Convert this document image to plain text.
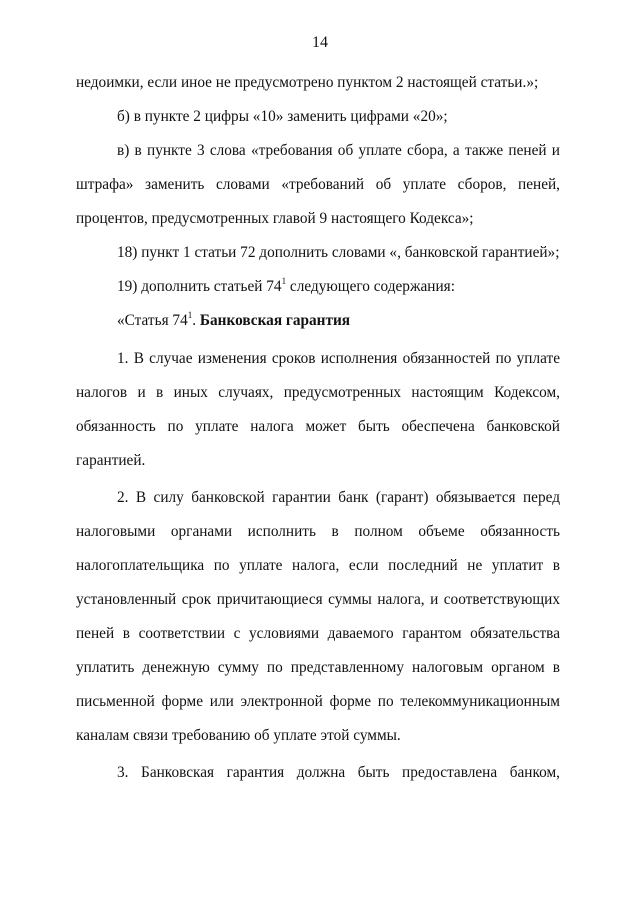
14
недоимки, если иное не предусмотрено пунктом 2 настоящей статьи.»;
б) в пункте 2 цифры «10» заменить цифрами «20»;
в) в пункте 3 слова «требования об уплате сбора, а также пеней и
штрафа» заменить словами «требований об уплате сборов, пеней,
процентов, предусмотренных главой 9 настоящего Кодекса»;
18) пункт 1 статьи 72 дополнить словами «, банковской гарантией»;
19) дополнить статьей $74^1$ следующего содержания:
«Статья $74^1$. Банковская гарантия
1. В случае изменения сроков исполнения обязанностей по уплате
налогов и в иных случаях, предусмотренных настоящим Кодексом,
обязанность по уплате налога может быть обеспечена банковской
гарантией.
2. В силу банковской гарантии банк (гарант) обязывается перед
налоговыми органами исполнить в полном объеме обязанность
налогоплательщика по уплате налога, если последний не уплатит в
установленный срок причитающиеся суммы налога, и соответствующих
пеней в соответствии с условиями даваемого гарантом обязательства
уплатить денежную сумму по представленному налоговым органом в
письменной форме или электронной форме по телекоммуникационным
каналам связи требованию об уплате этой суммы.
3. Банковская гарантия должна быть предоставлена банком,
